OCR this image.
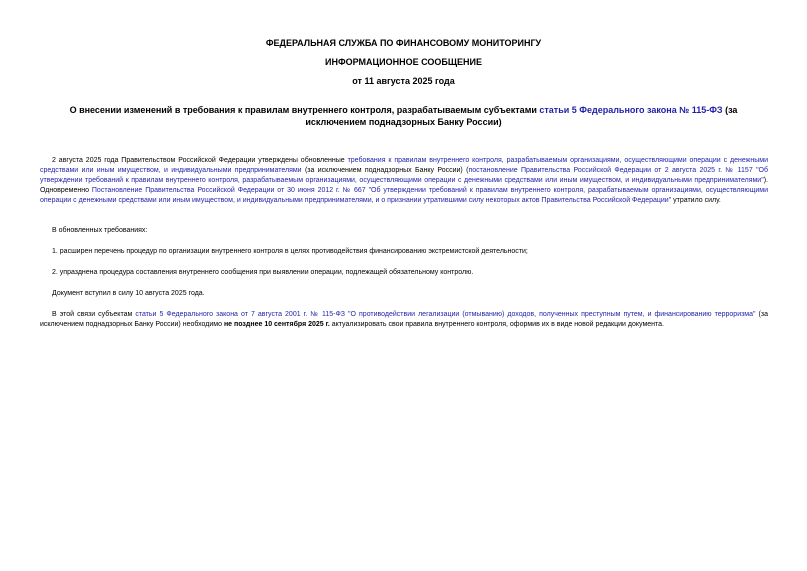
ФЕДЕРАЛЬНАЯ СЛУЖБА ПО ФИНАНСОВОМУ МОНИТОРИНГУ
ИНФОРМАЦИОННОЕ СООБЩЕНИЕ
от 11 августа 2025 года
О внесении изменений в требования к правилам внутреннего контроля, разрабатываемым субъектами статьи 5 Федерального закона № 115-ФЗ (за исключением поднадзорных Банку России)

2 августа 2025 года Правительством Российской Федерации утверждены обновленные требования к правилам внутреннего контроля, разрабатываемым организациями, осуществляющими операции с денежными средствами или иным имуществом, и индивидуальными предпринимателями (за исключением поднадзорных Банку России) (постановление Правительства Российской Федерации от 2 августа 2025 г. № 1157 "Об утверждении требований к правилам внутреннего контроля, разрабатываемым организациями, осуществляющими операции с денежными средствами или иным имуществом, и индивидуальными предпринимателями"). Одновременно Постановление Правительства Российской Федерации от 30 июня 2012 г. № 667 "Об утверждении требований к правилам внутреннего контроля, разрабатываемым организациями, осуществляющими операции с денежными средствами или иным имуществом, и индивидуальными предпринимателями, и о признании утратившими силу некоторых актов Правительства Российской Федерации" утратило силу.

В обновленных требованиях:

1. расширен перечень процедур по организации внутреннего контроля в целях противодействия финансированию экстремистской деятельности;

2. упразднена процедура составления внутреннего сообщения при выявлении операции, подлежащей обязательному контролю.

Документ вступил в силу 10 августа 2025 года.

В этой связи субъектам статьи 5 Федерального закона от 7 августа 2001 г. № 115-ФЗ "О противодействии легализации (отмыванию) доходов, полученных преступным путем, и финансированию терроризма" (за исключением поднадзорных Банку России) необходимо не позднее 10 сентября 2025 г. актуализировать свои правила внутреннего контроля, оформив их в виде новой редакции документа.
